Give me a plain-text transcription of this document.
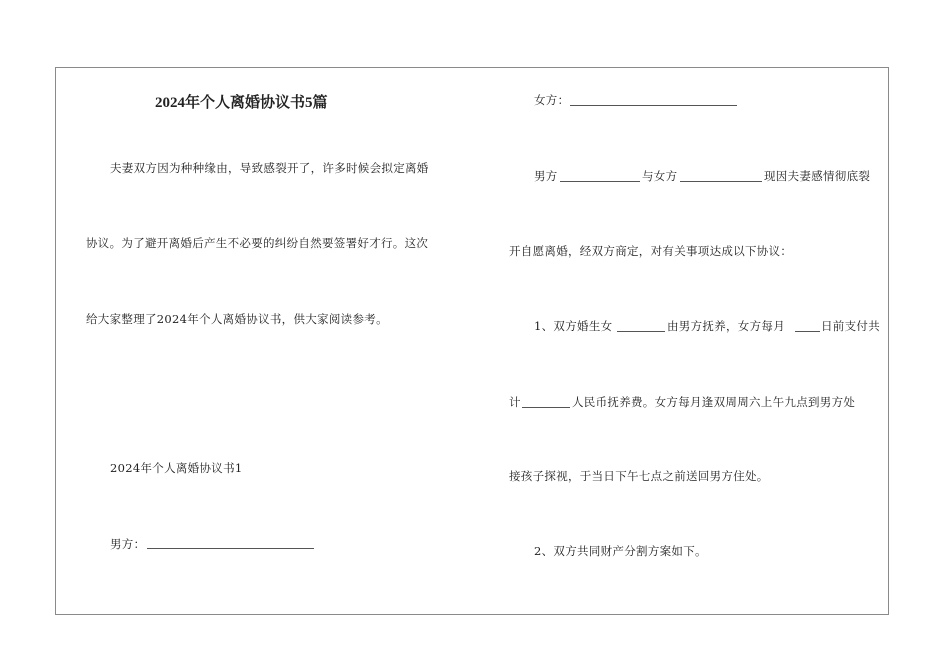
2024年个人离婚协议书5篇
夫妻双方因为种种缘由，导致感裂开了，许多时候会拟定离婚
协议。为了避开离婚后产生不必要的纠纷自然要签署好才行。这次
给大家整理了2024年个人离婚协议书，供大家阅读参考。
2024年个人离婚协议书1
男方：
女方：
男方	与女方	现因夫妻感情彻底裂
开自愿离婚，经双方商定，对有关事项达成以下协议：
1、双方婚生女	由男方抚养，女方每月	日前支付共
计	人民币抚养费。女方每月逢双周周六上午九点到男方处
接孩子探视，于当日下午七点之前送回男方住处。
2、双方共同财产分割方案如下。
